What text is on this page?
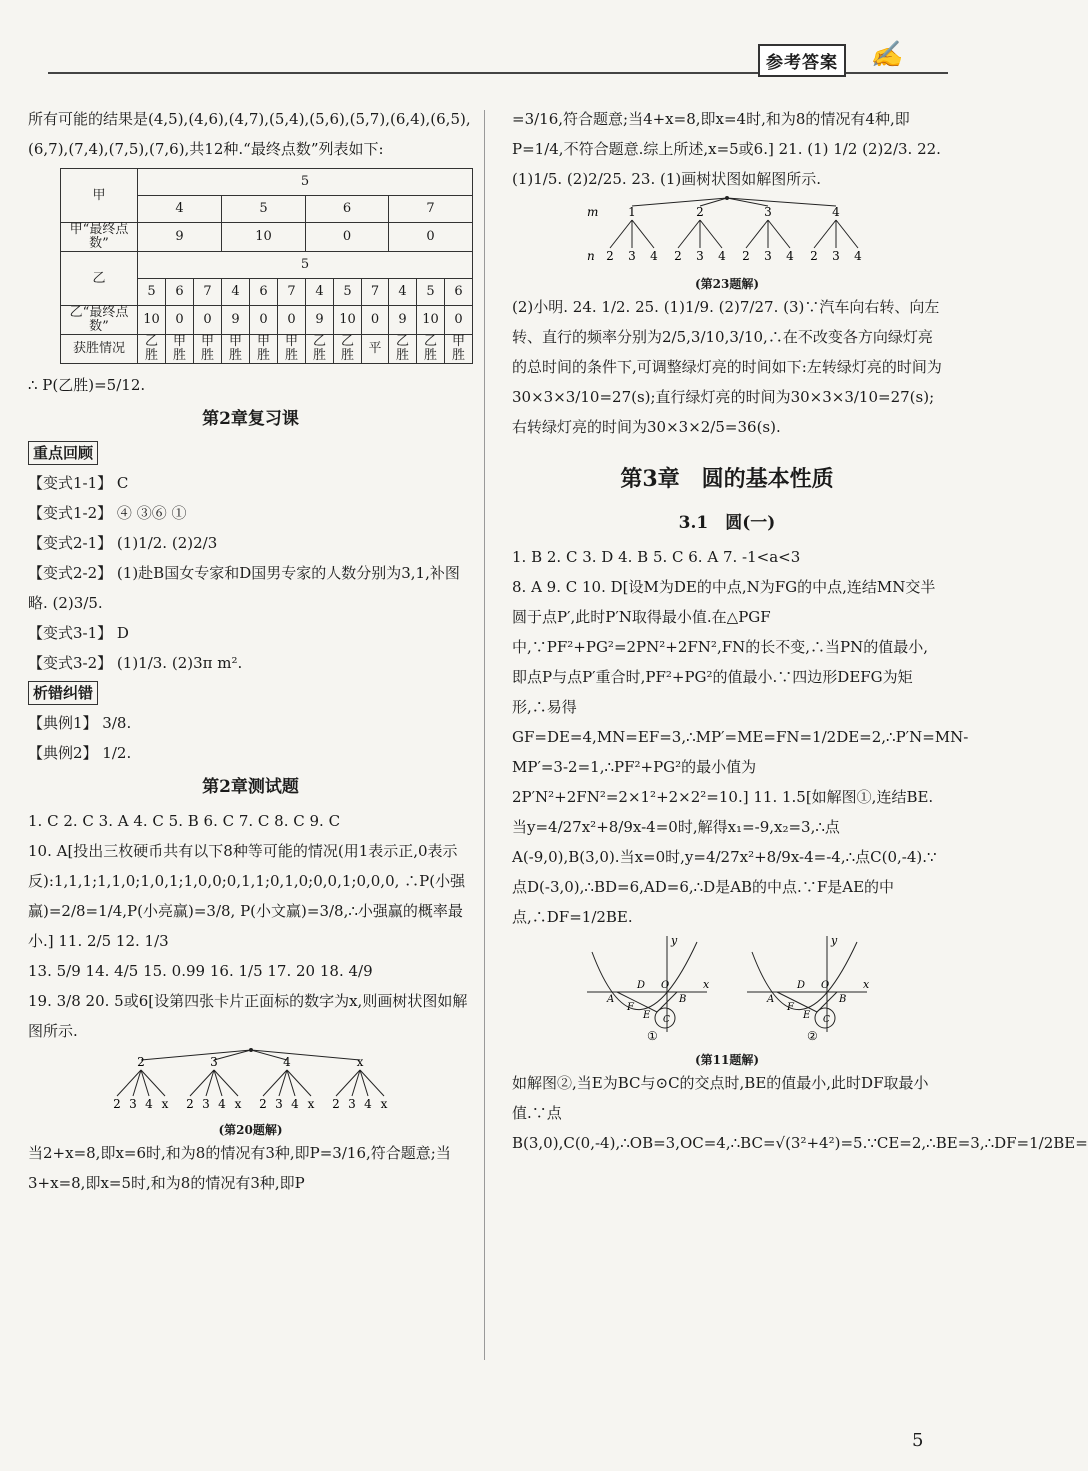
参考答案	✍

所有可能的结果是(4,5),(4,6),(4,7),(5,4),(5,6),(5,7),(6,4),(6,5),(6,7),(7,4),(7,5),(7,6),共12种.“最终点数”列表如下:

甲	5											
	4			5			6			7		
甲“最终点数”	9			10			0			0		
乙	5											
	5	6	7	4	6	7	4	5	7	4	5	6
乙“最终点数”	10	0	0	9	0	0	9	10	0	9	10	0
获胜情况	乙胜	甲胜	甲胜	甲胜	甲胜	甲胜	乙胜	乙胜	平	乙胜	乙胜	甲胜

∴ P(乙胜)=5/12.

第2章复习课

重点回顾

【变式1-1】 C

【变式1-2】 ④ ③⑥ ①

【变式2-1】 (1)1/2. (2)2/3

【变式2-2】 (1)赴B国女专家和D国男专家的人数分别为3,1,补图略. (2)3/5.

【变式3-1】 D

【变式3-2】 (1)1/3. (2)3π m².

析错纠错

【典例1】 3/8.

【典例2】 1/2.

第2章测试题

1. C 2. C 3. A 4. C 5. B 6. C 7. C 8. C 9. C

10. A[投出三枚硬币共有以下8种等可能的情况(用1表示正,0表示反):1,1,1;1,1,0;1,0,1;1,0,0;0,1,1;0,1,0;0,0,1;0,0,0, ∴P(小强赢)=2/8=1/4,P(小亮赢)=3/8, P(小文赢)=3/8,∴小强赢的概率最小.] 11. 2/5 12. 1/3

13. 5/9 14. 4/5 15. 0.99 16. 1/5 17. 20 18. 4/9

19. 3/8 20. 5或6[设第四张卡片正面标的数字为x,则画树状图如解图所示.

2
2 3 4 x
3
2 3 4 x
4
2 3 4 x
x
2 3 4 x
(第20题解)

当2+x=8,即x=6时,和为8的情况有3种,即P=3/16,符合题意;当3+x=8,即x=5时,和为8的情况有3种,即P

=3/16,符合题意;当4+x=8,即x=4时,和为8的情况有4种,即P=1/4,不符合题意.综上所述,x=5或6.] 21. (1) 1/2 (2)2/3. 22. (1)1/5. (2)2/25. 23. (1)画树状图如解图所示.

m
n
1
2 3 4
2
2 3 4
3
2 3 4
4
2 3 4
(第23题解)

(2)小明. 24. 1/2. 25. (1)1/9. (2)7/27. (3)∵汽车向右转、向左转、直行的频率分别为2/5,3/10,3/10,∴在不改变各方向绿灯亮的总时间的条件下,可调整绿灯亮的时间如下:左转绿灯亮的时间为30×3×3/10=27(s);直行绿灯亮的时间为30×3×3/10=27(s);右转绿灯亮的时间为30×3×2/5=36(s).

第3章　圆的基本性质

3.1　圆(一)

1. B 2. C 3. D 4. B 5. C 6. A 7. -1<a<3

8. A 9. C 10. D[设M为DE的中点,N为FG的中点,连结MN交半圆于点P′,此时P′N取得最小值.在△PGF中,∵PF²+PG²=2PN²+2FN²,FN的长不变,∴当PN的值最小,即点P与点P′重合时,PF²+PG²的值最小.∵四边形DEFG为矩形,∴易得GF=DE=4,MN=EF=3,∴MP′=ME=FN=1/2DE=2,∴P′N=MN-MP′=3-2=1,∴PF²+PG²的最小值为2P′N²+2FN²=2×1²+2×2²=10.] 11. 1.5[如解图①,连结BE.当y=4/27x²+8/9x-4=0时,解得x₁=-9,x₂=3,∴点A(-9,0),B(3,0).当x=0时,y=4/27x²+8/9x-4=-4,∴点C(0,-4).∵点D(-3,0),∴BD=6,AD=6,∴D是AB的中点.∵F是AE的中点,∴DF=1/2BE.

y
x
O
A	B
D
E
F
C
①
y
x
O
A	B
D
E
F
C
②
(第11题解)

如解图②,当E为BC与⊙C的交点时,BE的值最小,此时DF取最小值.∵点B(3,0),C(0,-4),∴OB=3,OC=4,∴BC=√(3²+4²)=5.∵CE=2,∴BE=3,∴DF=1/2BE=

5
